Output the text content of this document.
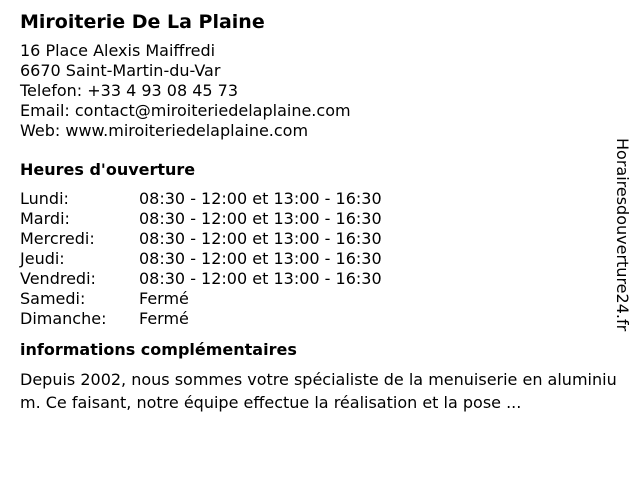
Miroiterie De La Plaine
16 Place Alexis Maiffredi
6670 Saint-Martin-du-Var
Telefon: +33 4 93 08 45 73
Email: contact@miroiteriedelaplaine.com
Web: www.miroiteriedelaplaine.com
Heures d'ouverture
Lundi:	08:30 - 12:00 et 13:00 - 16:30
Mardi:	08:30 - 12:00 et 13:00 - 16:30
Mercredi:	08:30 - 12:00 et 13:00 - 16:30
Jeudi:	08:30 - 12:00 et 13:00 - 16:30
Vendredi:	08:30 - 12:00 et 13:00 - 16:30
Samedi:	Fermé
Dimanche:	Fermé
informations complémentaires
Depuis 2002, nous sommes votre spécialiste de la menuiserie en aluminium. Ce faisant, notre équipe effectue la réalisation et la pose ...
Horairesdouverture24.fr
